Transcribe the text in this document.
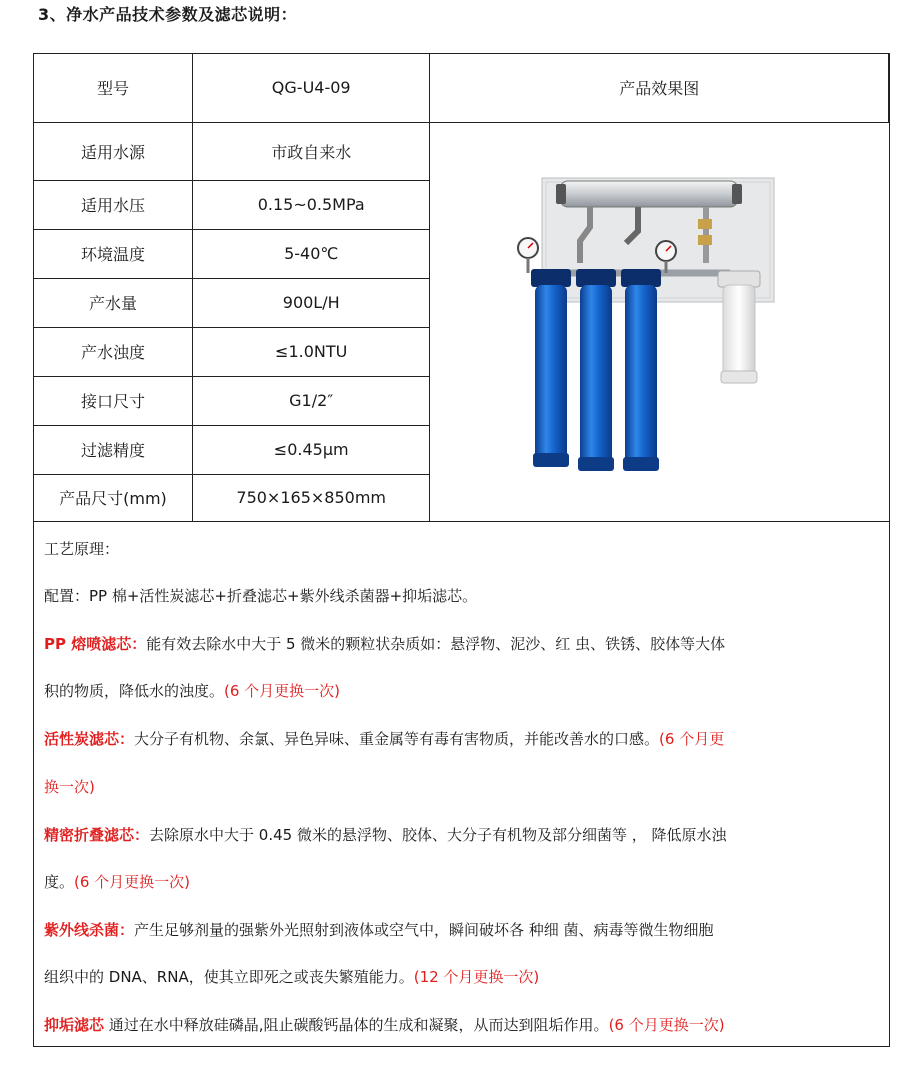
3、净水产品技术参数及滤芯说明：
型号	QG-U4-09	产品效果图
适用水源	市政自来水	

适用水压	0.15~0.5MPa	
环境温度	5-40℃	
产水量	900L/H	
产水浊度	≤1.0NTU	
接口尺寸	G1/2″	
过滤精度	≤0.45μm	
产品尺寸(mm)	750×165×850mm	
工艺原理：
配置：PP 棉+活性炭滤芯+折叠滤芯+紫外线杀菌器+抑垢滤芯。
PP 熔喷滤芯：能有效去除水中大于 5 微米的颗粒状杂质如：悬浮物、泥沙、红 虫、铁锈、胶体等大体
积的物质，降低水的浊度。(6 个月更换一次)
活性炭滤芯：大分子有机物、余氯、异色异味、重金属等有毒有害物质，并能改善水的口感。(6 个月更
换一次)
精密折叠滤芯：去除原水中大于 0.45 微米的悬浮物、胶体、大分子有机物及部分细菌等 ， 降低原水浊
度。(6 个月更换一次)
紫外线杀菌：产生足够剂量的强紫外光照射到液体或空气中，瞬间破坏各 种细 菌、病毒等微生物细胞
组织中的 DNA、RNA，使其立即死之或丧失繁殖能力。(12 个月更换一次)
抑垢滤芯 通过在水中释放硅磷晶,阻止碳酸钙晶体的生成和凝聚，从而达到阻垢作用。(6 个月更换一次)
